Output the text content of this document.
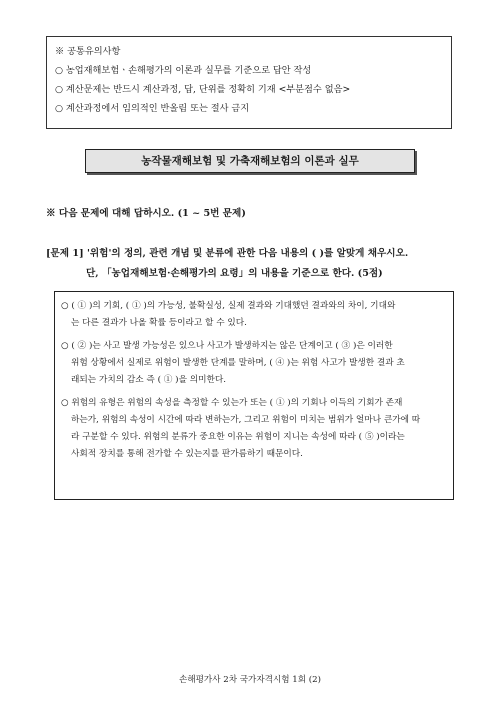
※ 공통유의사항
○ 농업재해보험ㆍ손해평가의 이론과 실무를 기준으로 답안 작성
○ 계산문제는 반드시 계산과정, 답, 단위를 정확히 기재 <부분점수 없음>
○ 계산과정에서 임의적인 반올림 또는 절사 금지
농작물재해보험 및 가축재해보험의 이론과 실무
※ 다음 문제에 대해 답하시오. (1 ~ 5번 문제)
[문제 1] '위험'의 정의, 관련 개념 및 분류에 관한 다음 내용의 ( )를 알맞게 채우시오.
단, 「농업재해보험·손해평가의 요령」의 내용을 기준으로 한다. (5점)
○ ( ① )의 기회, ( ① )의 가능성, 불확실성, 실제 결과와 기대했던 결과와의 차이, 기대와
는 다른 결과가 나올 확률 등이라고 할 수 있다.
○ ( ② )는 사고 발생 가능성은 있으나 사고가 발생하지는 않은 단계이고 ( ③ )은 이러한
위험 상황에서 실제로 위험이 발생한 단계를 말하며, ( ④ )는 위험 사고가 발생한 결과 초
래되는 가치의 감소 즉 ( ① )을 의미한다.
○ 위험의 유형은 위험의 속성을 측정할 수 있는가 또는 ( ① )의 기회나 이득의 기회가 존재
하는가, 위험의 속성이 시간에 따라 변하는가, 그리고 위험이 미치는 범위가 얼마나 큰가에 따
라 구분할 수 있다. 위험의 분류가 중요한 이유는 위험이 지니는 속성에 따라 ( ⑤ )이라는
사회적 장치를 통해 전가할 수 있는지를 판가름하기 때문이다.
손해평가사 2차 국가자격시험 1회 (2)
